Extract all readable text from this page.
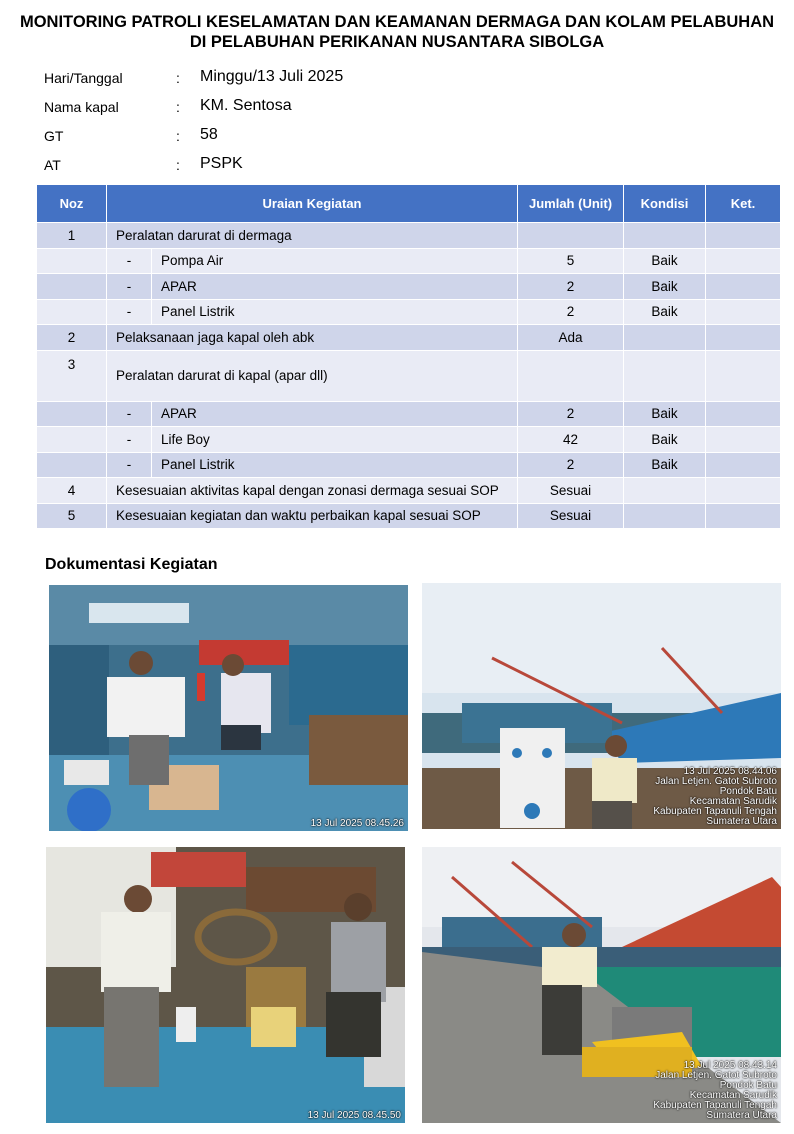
MONITORING PATROLI KESELAMATAN DAN KEAMANAN DERMAGA DAN KOLAM PELABUHAN
DI PELABUHAN PERIKANAN NUSANTARA SIBOLGA
Hari/Tanggal	: Minggu/13 Juli 2025
Nama kapal	: KM. Sentosa
GT	: 58
AT	: PSPK
Noz	Uraian Kegiatan		Jumlah (Unit)	Kondisi	Ket.
1	Peralatan darurat di dermaga				
	-	Pompa Air	5	Baik	
	-	APAR	2	Baik	
	-	Panel Listrik	2	Baik	
2	Pelaksanaan jaga kapal oleh abk		Ada		
3	Peralatan darurat di kapal (apar dll)				
	-	APAR	2	Baik	
	-	Life Boy	42	Baik	
	-	Panel Listrik	2	Baik	
4	Kesesuaian aktivitas kapal dengan zonasi dermaga sesuai SOP		Sesuai		
5	Kesesuaian kegiatan dan waktu perbaikan kapal sesuai SOP		Sesuai		
Dokumentasi Kegiatan
13 Jul 2025 08.45.26
13 Jul 2025 08.44.06
Jalan Letjen. Gatot Subroto
Pondok Batu
Kecamatan Sarudik
Kabupaten Tapanuli Tengah
Sumatera Utara
13 Jul 2025 08.45.50
13 Jul 2025 08.43.14
Jalan Letjen. Gatot Subroto
Pondok Batu
Kecamatan Sarudik
Kabupaten Tapanuli Tengah
Sumatera Utara
